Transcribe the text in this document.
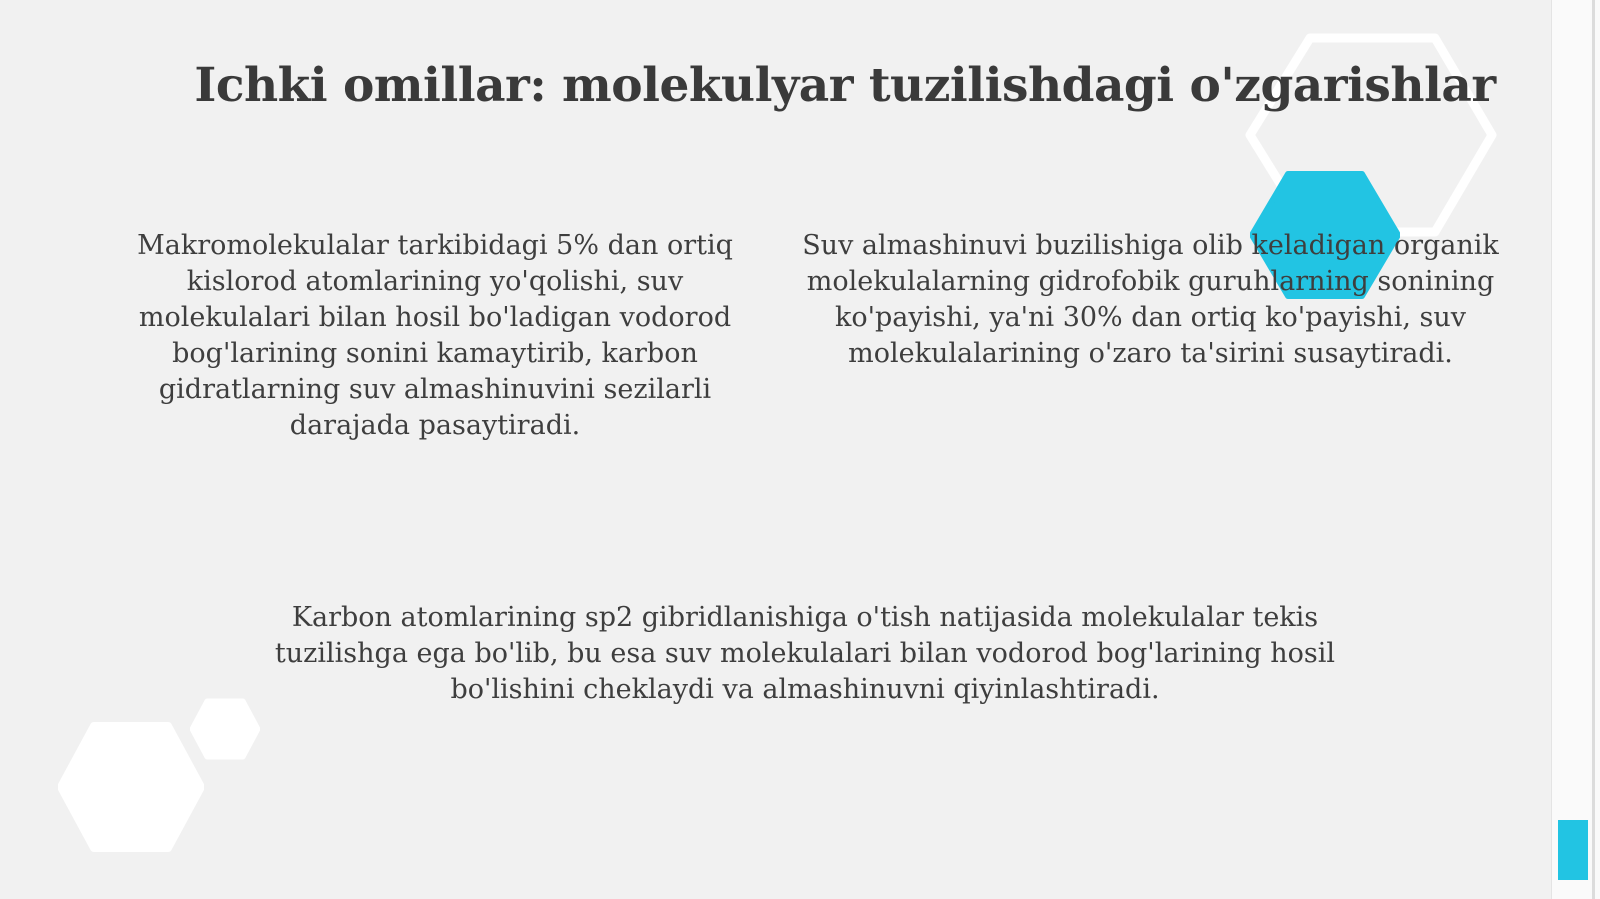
Ichki omillar: molekulyar tuzilishdagi o'zgarishlar

Makromolekulalar tarkibidagi 5% dan ortiq kislorod atomlarining yo'qolishi, suv molekulalari bilan hosil bo'ladigan vodorod bog'larining sonini kamaytirib, karbon gidratlarning suv almashinuvini sezilarli darajada pasaytiradi.

Suv almashinuvi buzilishiga olib keladigan organik molekulalarning gidrofobik guruhlarning sonining ko'payishi, ya'ni 30% dan ortiq ko'payishi, suv molekulalarining o'zaro ta'sirini susaytiradi.

Karbon atomlarining sp2 gibridlanishiga o'tish natijasida molekulalar tekis tuzilishga ega bo'lib, bu esa suv molekulalari bilan vodorod bog'larining hosil bo'lishini cheklaydi va almashinuvni qiyinlashtiradi.
